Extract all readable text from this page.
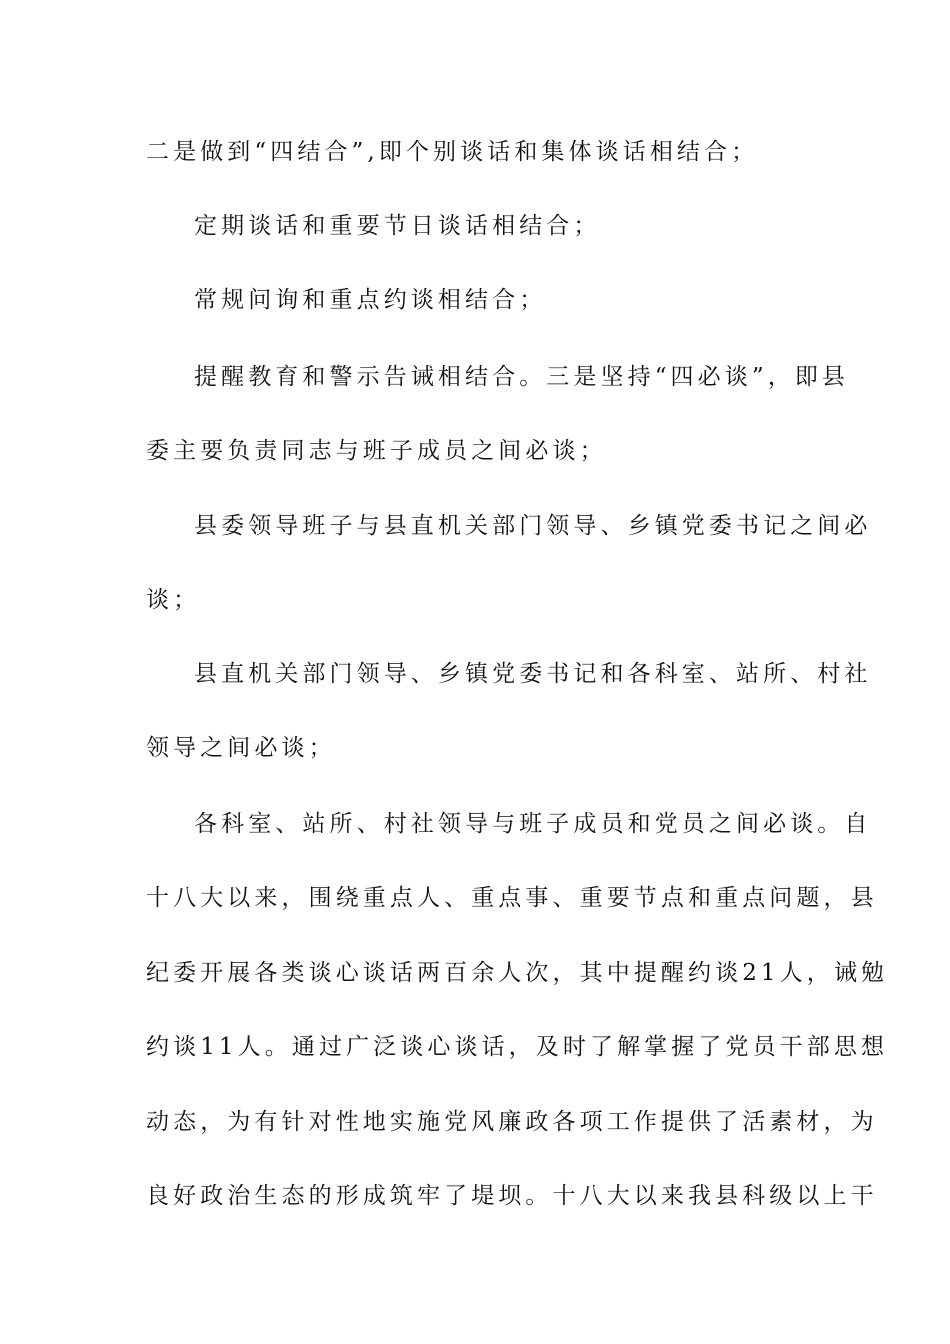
二是做到“四结合”,即个别谈话和集体谈话相结合；
定期谈话和重要节日谈话相结合；
常规问询和重点约谈相结合；
提醒教育和警示告诫相结合。三是坚持“四必谈”，即县
委主要负责同志与班子成员之间必谈；
县委领导班子与县直机关部门领导、乡镇党委书记之间必
谈；
县直机关部门领导、乡镇党委书记和各科室、站所、村社
领导之间必谈；
各科室、站所、村社领导与班子成员和党员之间必谈。自
十八大以来，围绕重点人、重点事、重要节点和重点问题，县
纪委开展各类谈心谈话两百余人次，其中提醒约谈21人，诫勉
约谈11人。通过广泛谈心谈话，及时了解掌握了党员干部思想
动态，为有针对性地实施党风廉政各项工作提供了活素材，为
良好政治生态的形成筑牢了堤坝。十八大以来我县科级以上干
